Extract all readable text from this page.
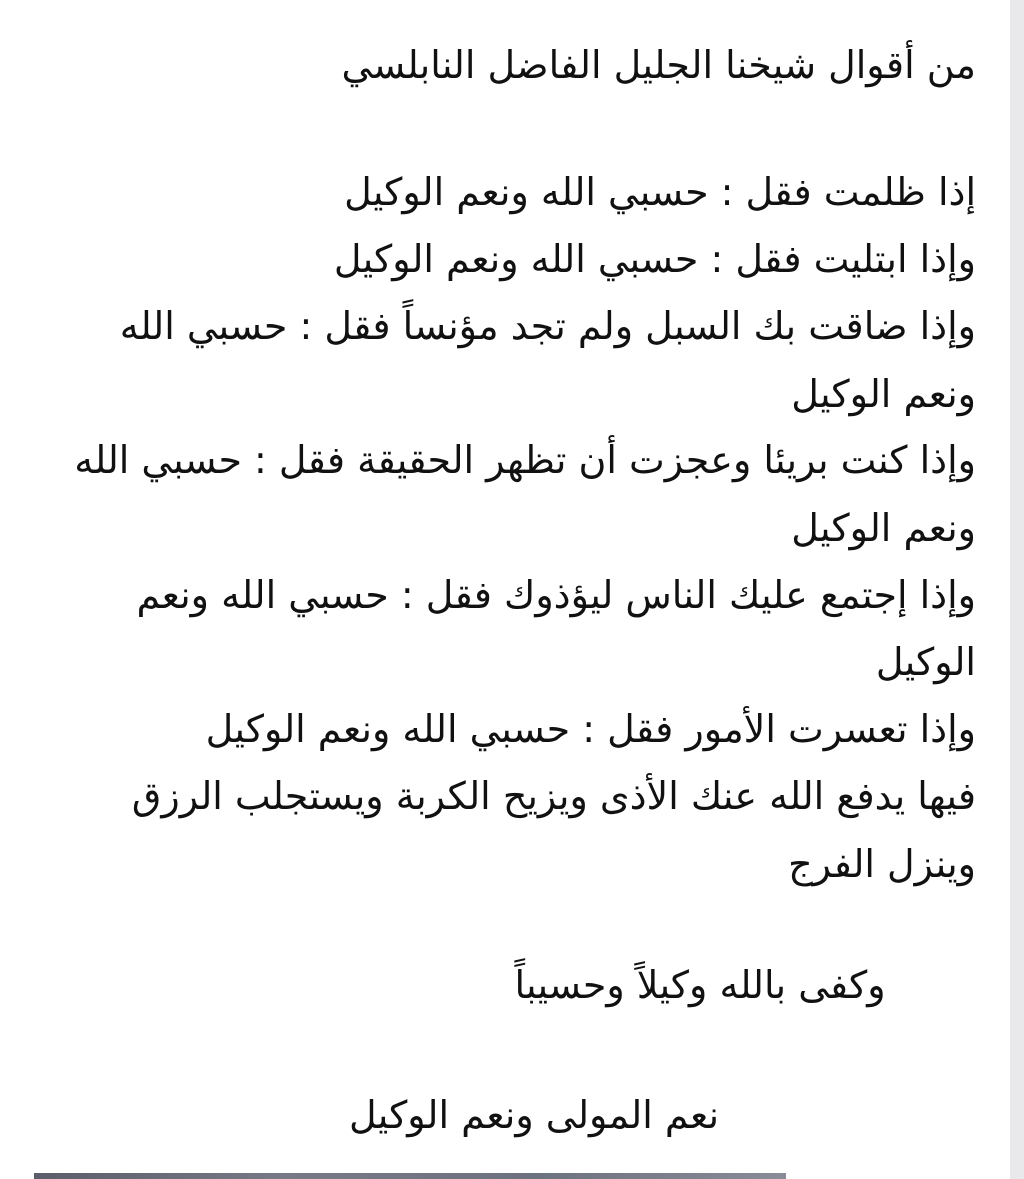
من أقوال شيخنا الجليل الفاضل النابلسي
إذا ظلمت فقل : حسبي الله ونعم الوكيل
وإذا ابتليت فقل : حسبي الله ونعم الوكيل
وإذا ضاقت بك السبل ولم تجد مؤنساً فقل : حسبي الله
ونعم الوكيل
وإذا كنت بريئا وعجزت أن تظهر الحقيقة فقل : حسبي الله
ونعم الوكيل
وإذا إجتمع عليك الناس ليؤذوك فقل : حسبي الله ونعم
الوكيل
وإذا تعسرت الأمور فقل : حسبي الله ونعم الوكيل
فيها يدفع الله عنك الأذى ويزيح الكربة ويستجلب الرزق
وينزل الفرج
وكفى بالله وكيلاً وحسيباً
نعم المولى ونعم الوكيل
